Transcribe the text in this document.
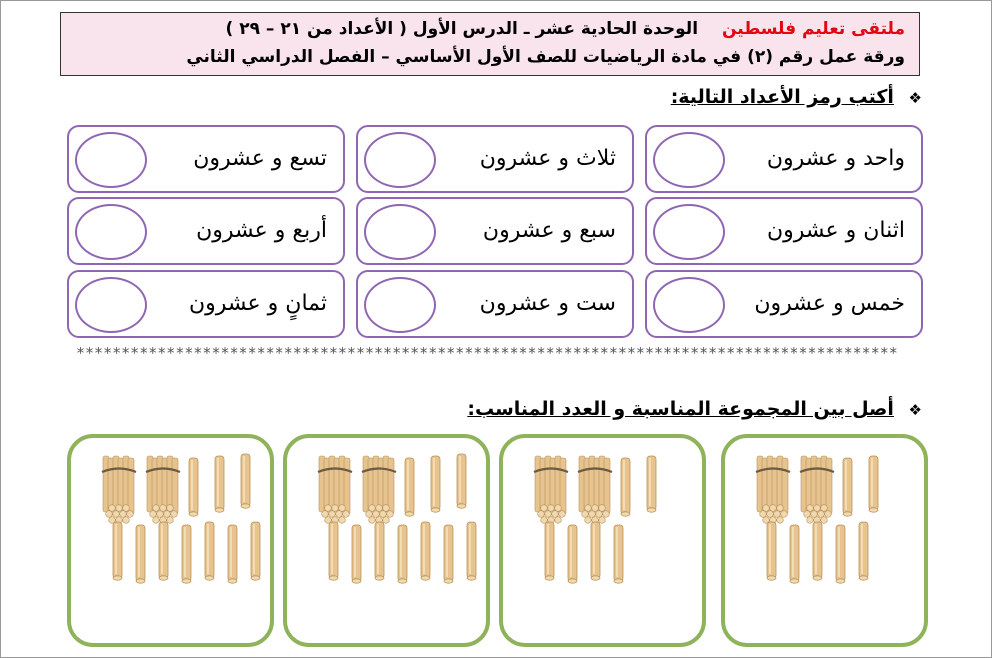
ملتقى تعليم فلسطين الوحدة الحادية عشر ـ الدرس الأول ( الأعداد من ٢١ – ٢٩ )
ورقة عمل رقم (٢) في مادة الرياضيات للصف الأول الأساسي – الفصل الدراسي الثاني
❖ أكتب رمز الأعداد التالية:
واحد و عشرون
ثلاث و عشرون
تسع و عشرون
اثنان و عشرون
سبع و عشرون
أربع و عشرون
خمس و عشرون
ست و عشرون
ثمانٍ و عشرون
*******************************************************************************************
❖ أصل بين المجموعة المناسبة و العدد المناسب:
